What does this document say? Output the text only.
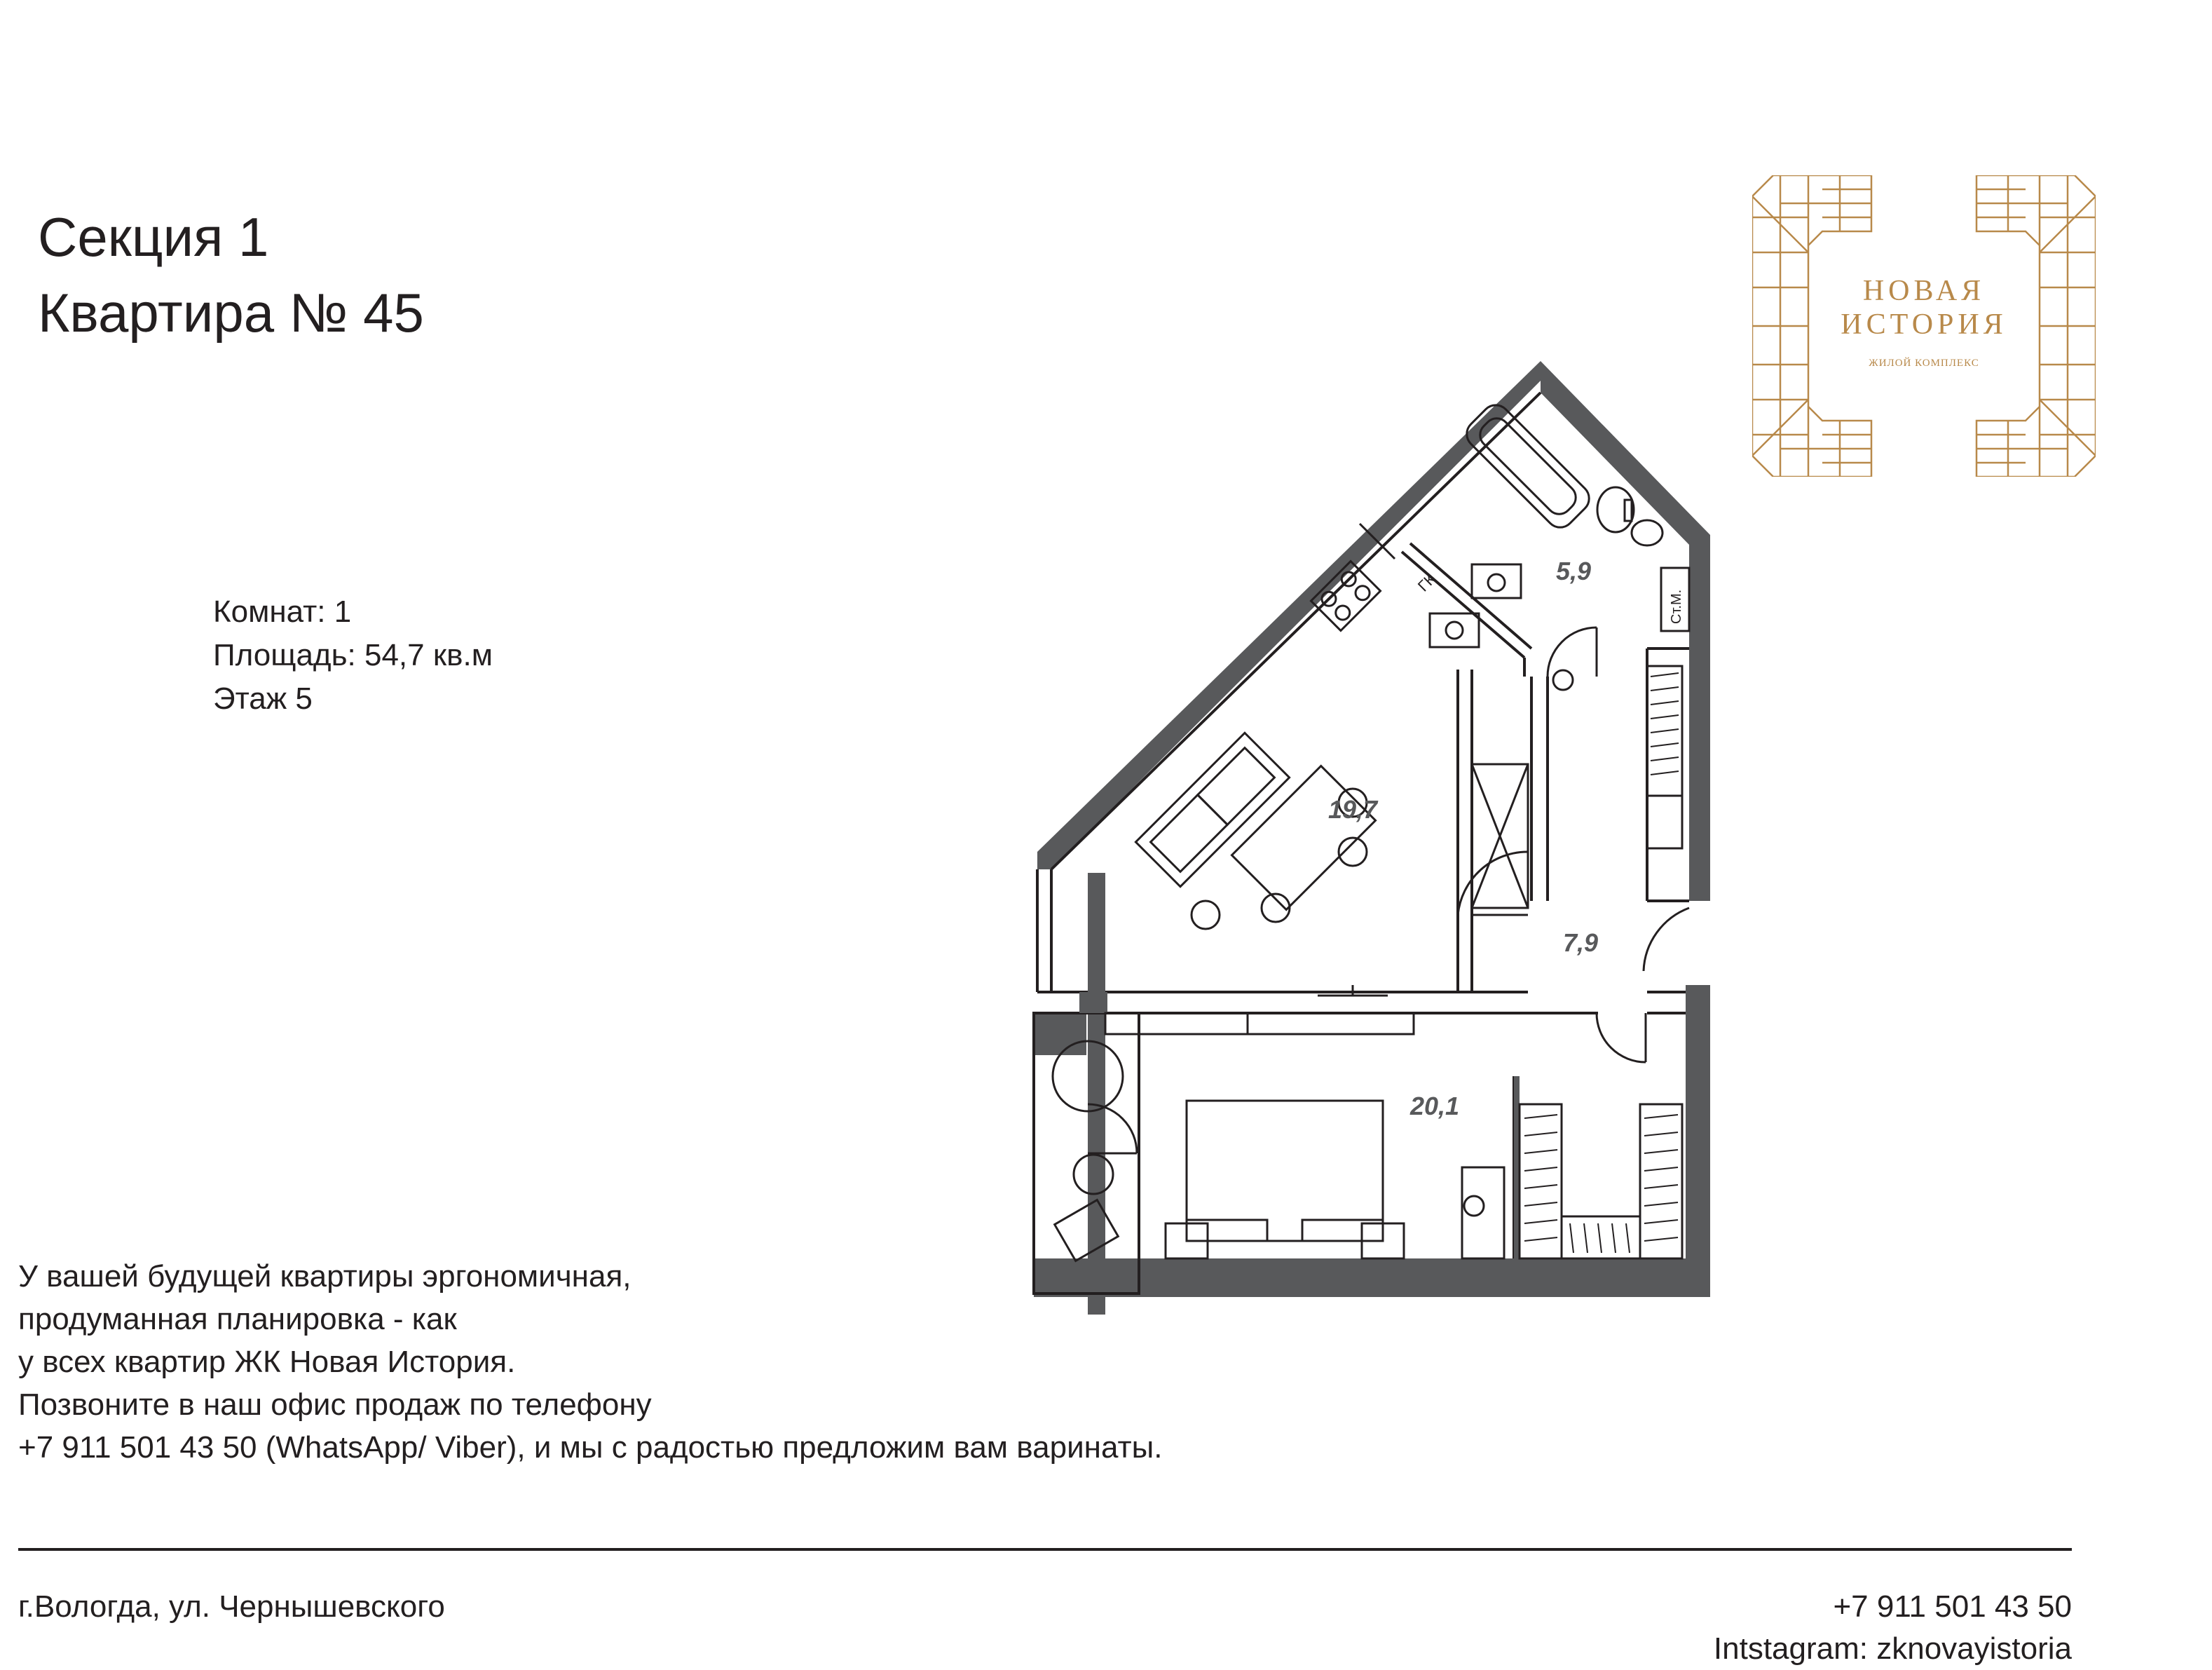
Секция 1
Квартира № 45
Комнат: 1
Площадь: 54,7 кв.м
Этаж 5
НОВАЯ
ИСТОРИЯ
ЖИЛОЙ КОМПЛЕКС
5,9
19,7
7,9
20,1
ГК
Ст.М.
У вашей будущей квартиры эргономичная,
продуманная планировка - как
у всех квартир ЖК Новая История.
Позвоните в наш офис продаж по телефону
+7 911 501 43 50 (WhatsApp/ Viber), и мы с радостью предложим вам варинаты.
г.Вологда, ул. Чернышевского	+7 911 501 43 50
Intstagram: zknovayistoria
